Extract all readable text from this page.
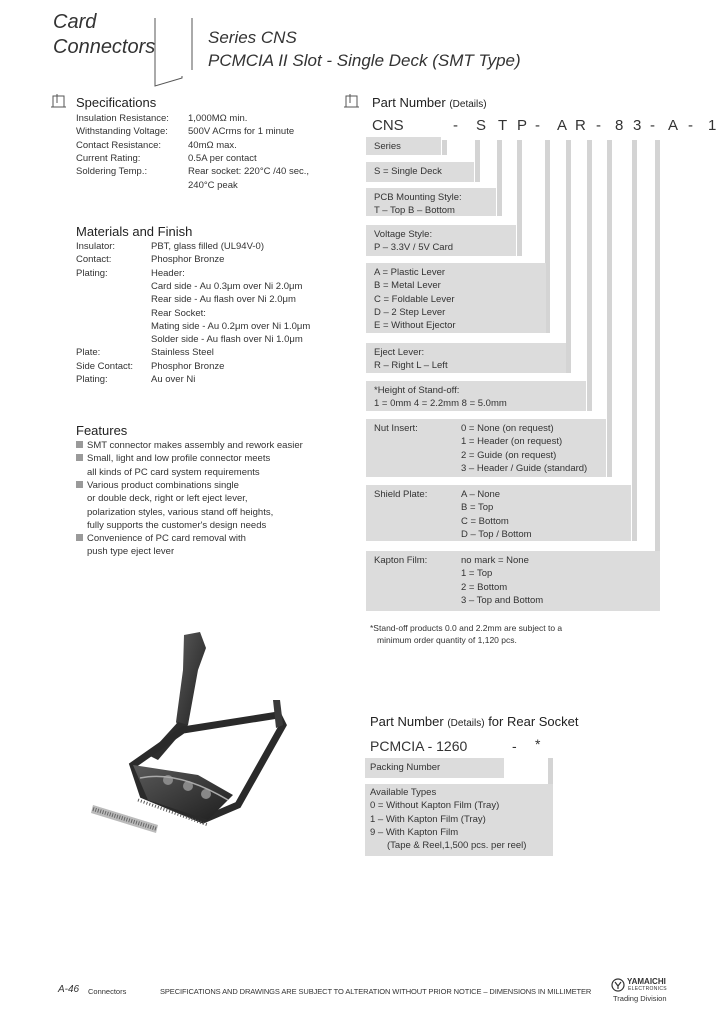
Card
Connectors	Series CNS
PCMCIA II Slot - Single Deck (SMT Type)
Specifications
Insulation Resistance: 1,000MΩ min.
Withstanding Voltage: 500V ACrms for 1 minute
Contact Resistance:	40mΩ max.
Current Rating:	0.5A per contact
Soldering Temp.:	Rear socket: 220°C /40 sec.,
240°C peak
Materials and Finish
Insulator:	PBT, glass filled (UL94V-0)
Contact:	Phosphor Bronze
Plating:	Header:
Card side - Au 0.3μm over Ni 2.0μm
Rear side - Au flash over Ni 2.0μm
Rear Socket:
Mating side - Au 0.2μm over Ni 1.0μm
Solder side - Au flash over Ni 1.0μm
Plate:	Stainless Steel
Side Contact: Phosphor Bronze
Plating:	Au over Ni
Features
SMT connector makes assembly and rework easier
Small, light and low profile connector meets
all kinds of PC card system requirements
Various product combinations single
or double deck, right or left eject lever,
polarization styles, various stand off heights,
fully supports the customer's design needs
Convenience of PC card removal with
push type eject lever
Part Number (Details)
CNS	- S T P - A R - 8 3 - A - 1
Series
S = Single Deck
PCB Mounting Style:
T – Top B – Bottom
Voltage Style:
P – 3.3V / 5V Card
A = Plastic Lever
B = Metal Lever
C = Foldable Lever
D – 2 Step Lever
E = Without Ejector
Eject Lever:
R – Right L – Left
*Height of Stand-off:
1 = 0mm 4 = 2.2mm 8 = 5.0mm
Nut Insert:	0 = None (on request)
1 = Header (on request)
2 = Guide (on request)
3 – Header / Guide (standard)
Shield Plate:	A – None
B = Top
C = Bottom
D – Top / Bottom
Kapton Film:	no mark = None
1 = Top
2 = Bottom
3 – Top and Bottom
*Stand-off products 0.0 and 2.2mm are subject to a
minimum order quantity of 1,120 pcs.
Part Number (Details) for Rear Socket
PCMCIA - 1260	- *
Packing Number
Available Types
0 = Without Kapton Film (Tray)
1 – With Kapton Film (Tray)
9 – With Kapton Film
(Tape & Reel,1,500 pcs. per reel)
A-46 Connectors	SPECIFICATIONS AND DRAWINGS ARE SUBJECT TO ALTERATION WITHOUT PRIOR NOTICE – DIMENSIONS IN MILLIMETER
YAMAICHI
ELECTRONICS
Trading Division
